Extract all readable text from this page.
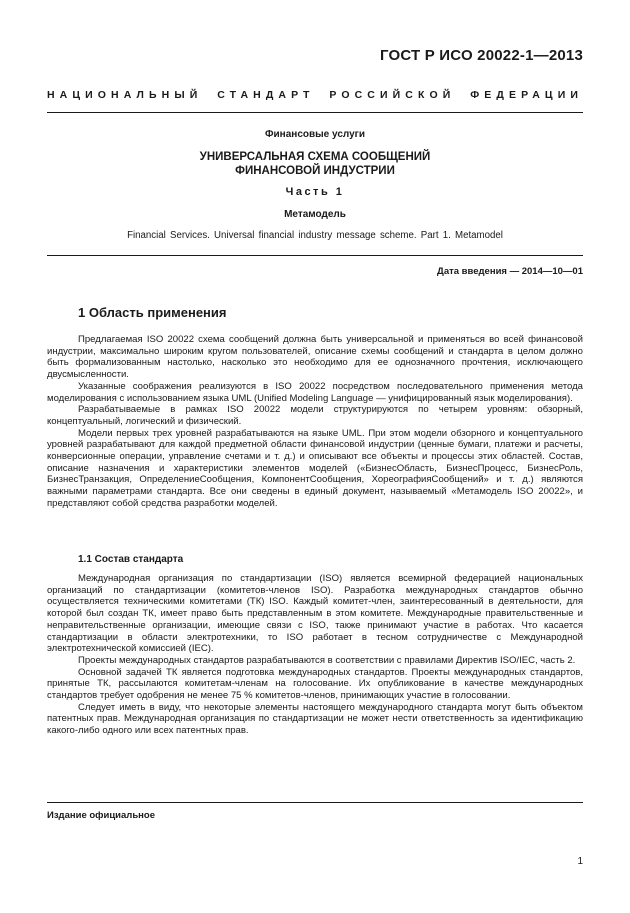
ГОСТ Р ИСО 20022-1—2013
НАЦИОНАЛЬНЫЙ СТАНДАРТ РОССИЙСКОЙ ФЕДЕРАЦИИ
Финансовые услуги
УНИВЕРСАЛЬНАЯ СХЕМА СООБЩЕНИЙ
ФИНАНСОВОЙ ИНДУСТРИИ
Часть 1
Метамодель
Financial Services. Universal financial industry message scheme. Part 1. Metamodel
Дата введения — 2014—10—01
1 Область применения

Предлагаемая ISO 20022 схема сообщений должна быть универсальной и применяться во всей финансовой индустрии, максимально широким кругом пользователей, описание схемы сообщений и стандарта в целом должно быть формализованным настолько, насколько это необходимо для ее однозначного прочтения, исключающего двусмысленности.

Указанные соображения реализуются в ISO 20022 посредством последовательного применения метода моделирования с использованием языка UML (Unified Modeling Language — унифицированный язык моделирования).

Разрабатываемые в рамках ISO 20022 модели структурируются по четырем уровням: обзорный, концептуальный, логический и физический.

Модели первых трех уровней разрабатываются на языке UML. При этом модели обзорного и концептуального уровней разрабатывают для каждой предметной области финансовой индустрии (ценные бумаги, платежи и расчеты, конверсионные операции, управление счетами и т. д.) и описывают все объекты и процессы этих областей. Состав, описание назначения и характеристики элементов моделей («БизнесОбласть, БизнесПроцесс, БизнесРоль, БизнесТранзакция, ОпределениеСообщения, КомпонентСообщения, ХореографияСообщений» и т. д.) являются важными параметрами стандарта. Все они сведены в единый документ, называемый «Метамодель ISO 20022», и представляют собой средства разработки моделей.

1.1 Состав стандарта

Международная организация по стандартизации (ISO) является всемирной федерацией национальных организаций по стандартизации (комитетов-членов ISO). Разработка международных стандартов обычно осуществляется техническими комитетами (ТК) ISO. Каждый комитет-член, заинтересованный в деятельности, для которой был создан ТК, имеет право быть представленным в этом комитете. Международные правительственные и неправительственные организации, имеющие связи с ISO, также принимают участие в работах. Что касается стандартизации в области электротехники, то ISO работает в тесном сотрудничестве с Международной электротехнической комиссией (IEC).

Проекты международных стандартов разрабатываются в соответствии с правилами Директив ISO/IEC, часть 2.

Основной задачей ТК является подготовка международных стандартов. Проекты международных стандартов, принятые ТК, рассылаются комитетам-членам на голосование. Их опубликование в качестве международных стандартов требует одобрения не менее 75 % комитетов-членов, принимающих участие в голосовании.

Следует иметь в виду, что некоторые элементы настоящего международного стандарта могут быть объектом патентных прав. Международная организация по стандартизации не может нести ответственность за идентификацию какого-либо одного или всех патентных прав.

Издание официальное
1
